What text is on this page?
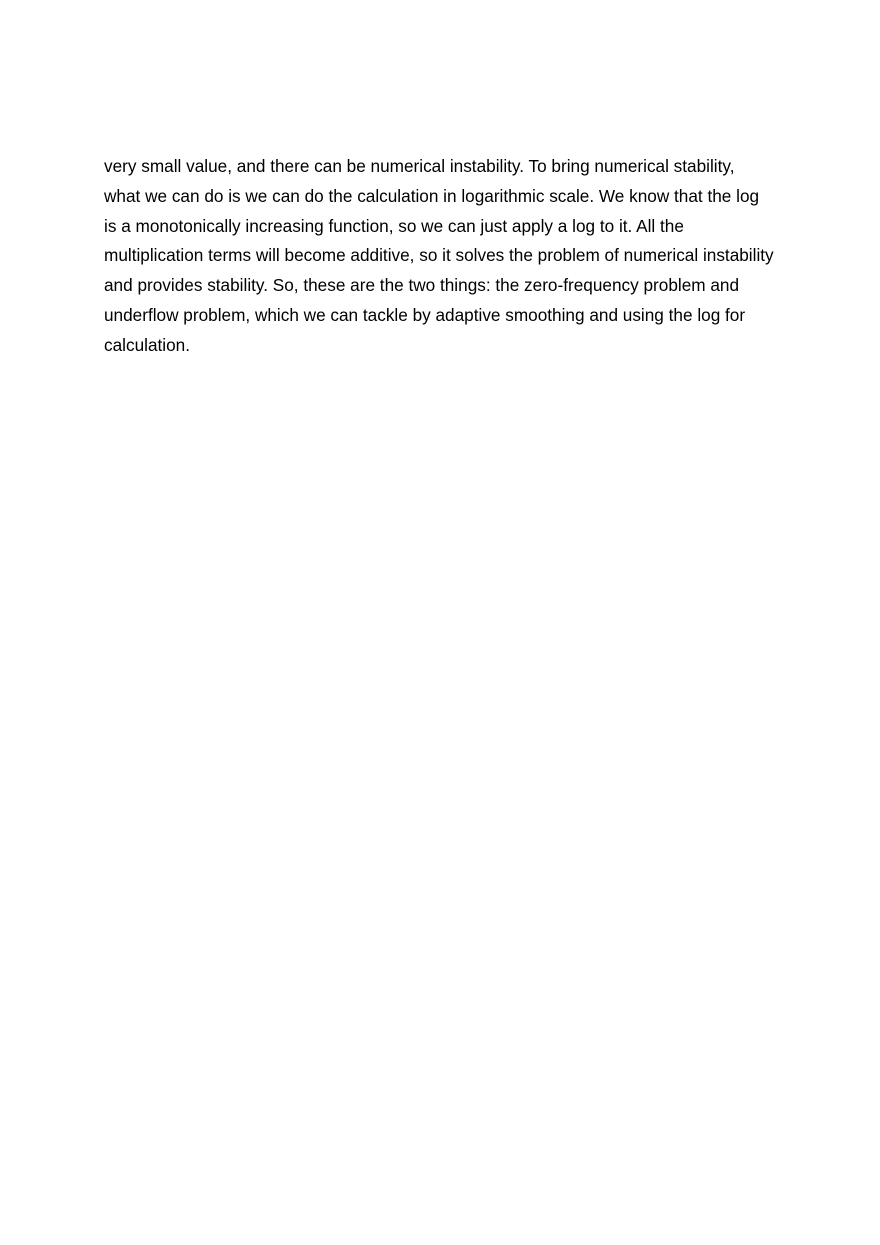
very small value, and there can be numerical instability. To bring numerical stability,
what we can do is we can do the calculation in logarithmic scale. We know that the log
is a monotonically increasing function, so we can just apply a log to it. All the
multiplication terms will become additive, so it solves the problem of numerical instability
and provides stability. So, these are the two things: the zero-frequency problem and
underflow problem, which we can tackle by adaptive smoothing and using the log for
calculation.
